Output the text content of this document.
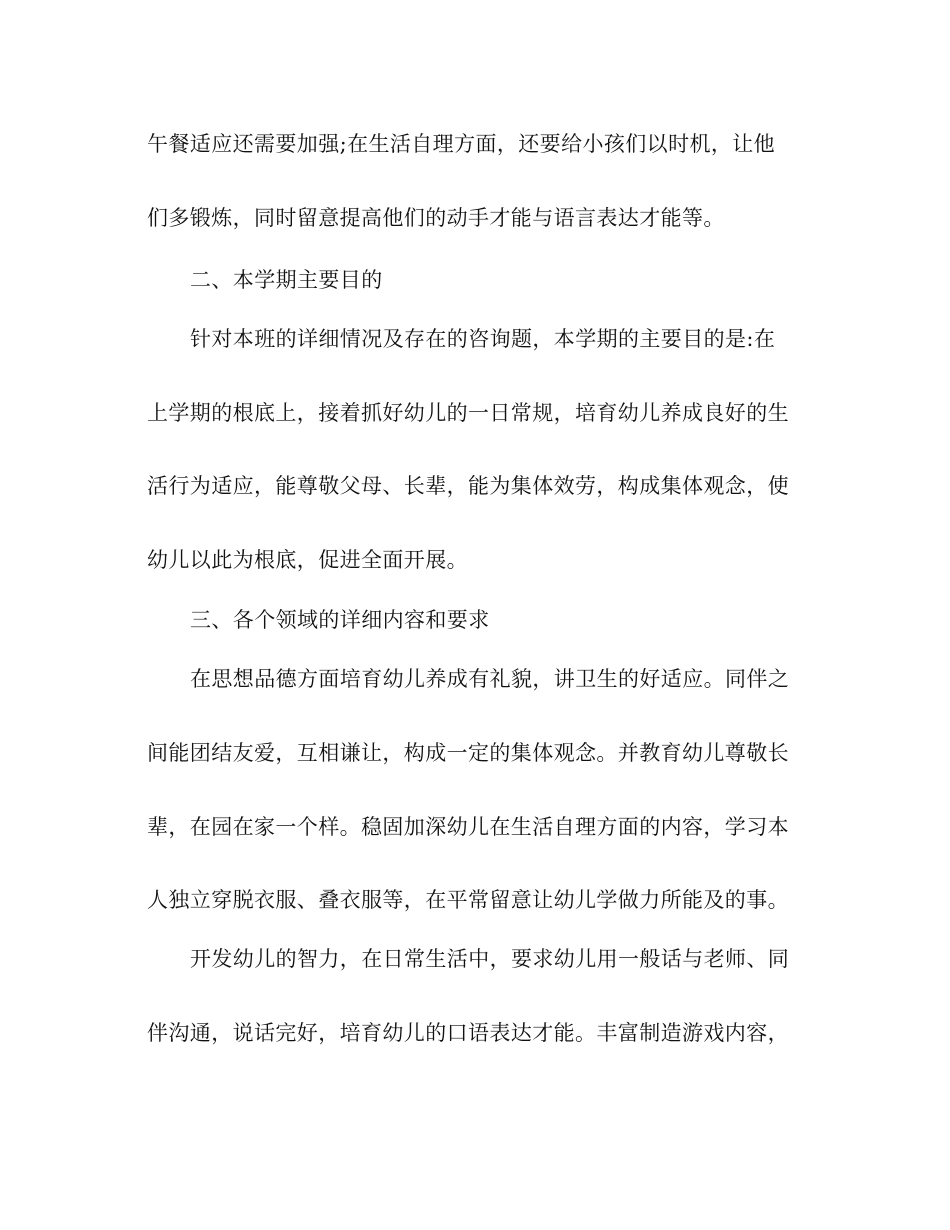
午餐适应还需要加强;在生活自理方面，还要给小孩们以时机，让他
们多锻炼，同时留意提高他们的动手才能与语言表达才能等。
二、本学期主要目的
针对本班的详细情况及存在的咨询题，本学期的主要目的是:在
上学期的根底上，接着抓好幼儿的一日常规，培育幼儿养成良好的生
活行为适应，能尊敬父母、长辈，能为集体效劳，构成集体观念，使
幼儿以此为根底，促进全面开展。
三、各个领域的详细内容和要求
在思想品德方面培育幼儿养成有礼貌，讲卫生的好适应。同伴之
间能团结友爱，互相谦让，构成一定的集体观念。并教育幼儿尊敬长
辈，在园在家一个样。稳固加深幼儿在生活自理方面的内容，学习本
人独立穿脱衣服、叠衣服等，在平常留意让幼儿学做力所能及的事。
开发幼儿的智力，在日常生活中，要求幼儿用一般话与老师、同
伴沟通，说话完好，培育幼儿的口语表达才能。丰富制造游戏内容，
